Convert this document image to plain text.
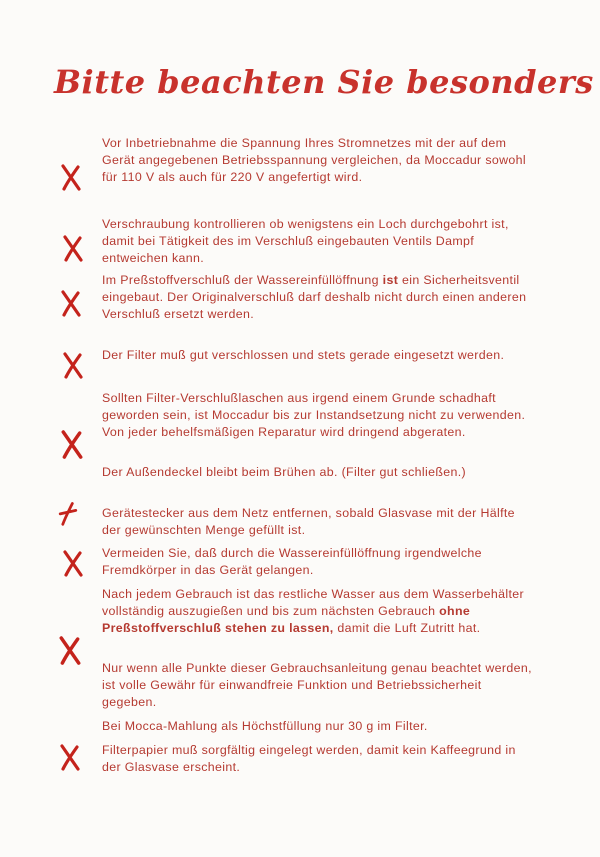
Bitte beachten Sie besonders

Vor Inbetriebnahme die Spannung Ihres Stromnetzes mit der auf dem Gerät angegebenen Betriebsspannung vergleichen, da Moccadur sowohl für 110 V als auch für 220 V angefertigt wird.

Verschraubung kontrollieren ob wenigstens ein Loch durchgebohrt ist, damit bei Tätigkeit des im Verschluß eingebauten Ventils Dampf entweichen kann.

Im Preßstoffverschluß der Wassereinfüllöffnung ist ein Sicherheitsventil eingebaut. Der Originalverschluß darf deshalb nicht durch einen anderen Verschluß ersetzt werden.

Der Filter muß gut verschlossen und stets gerade eingesetzt werden.

Sollten Filter-Verschlußlaschen aus irgend einem Grunde schadhaft geworden sein, ist Moccadur bis zur Instandsetzung nicht zu verwenden. Von jeder behelfsmäßigen Reparatur wird dringend abgeraten.

Der Außendeckel bleibt beim Brühen ab. (Filter gut schließen.)

Gerätestecker aus dem Netz entfernen, sobald Glasvase mit der Hälfte der gewünschten Menge gefüllt ist.

Vermeiden Sie, daß durch die Wassereinfüllöffnung irgendwelche Fremdkörper in das Gerät gelangen.

Nach jedem Gebrauch ist das restliche Wasser aus dem Wasserbehälter vollständig auszugießen und bis zum nächsten Gebrauch ohne Preßstoffverschluß stehen zu lassen, damit die Luft Zutritt hat.

Nur wenn alle Punkte dieser Gebrauchsanleitung genau beachtet werden, ist volle Gewähr für einwandfreie Funktion und Betriebssicherheit gegeben.

Bei Mocca-Mahlung als Höchstfüllung nur 30 g im Filter.

Filterpapier muß sorgfältig eingelegt werden, damit kein Kaffeegrund in der Glasvase erscheint.
